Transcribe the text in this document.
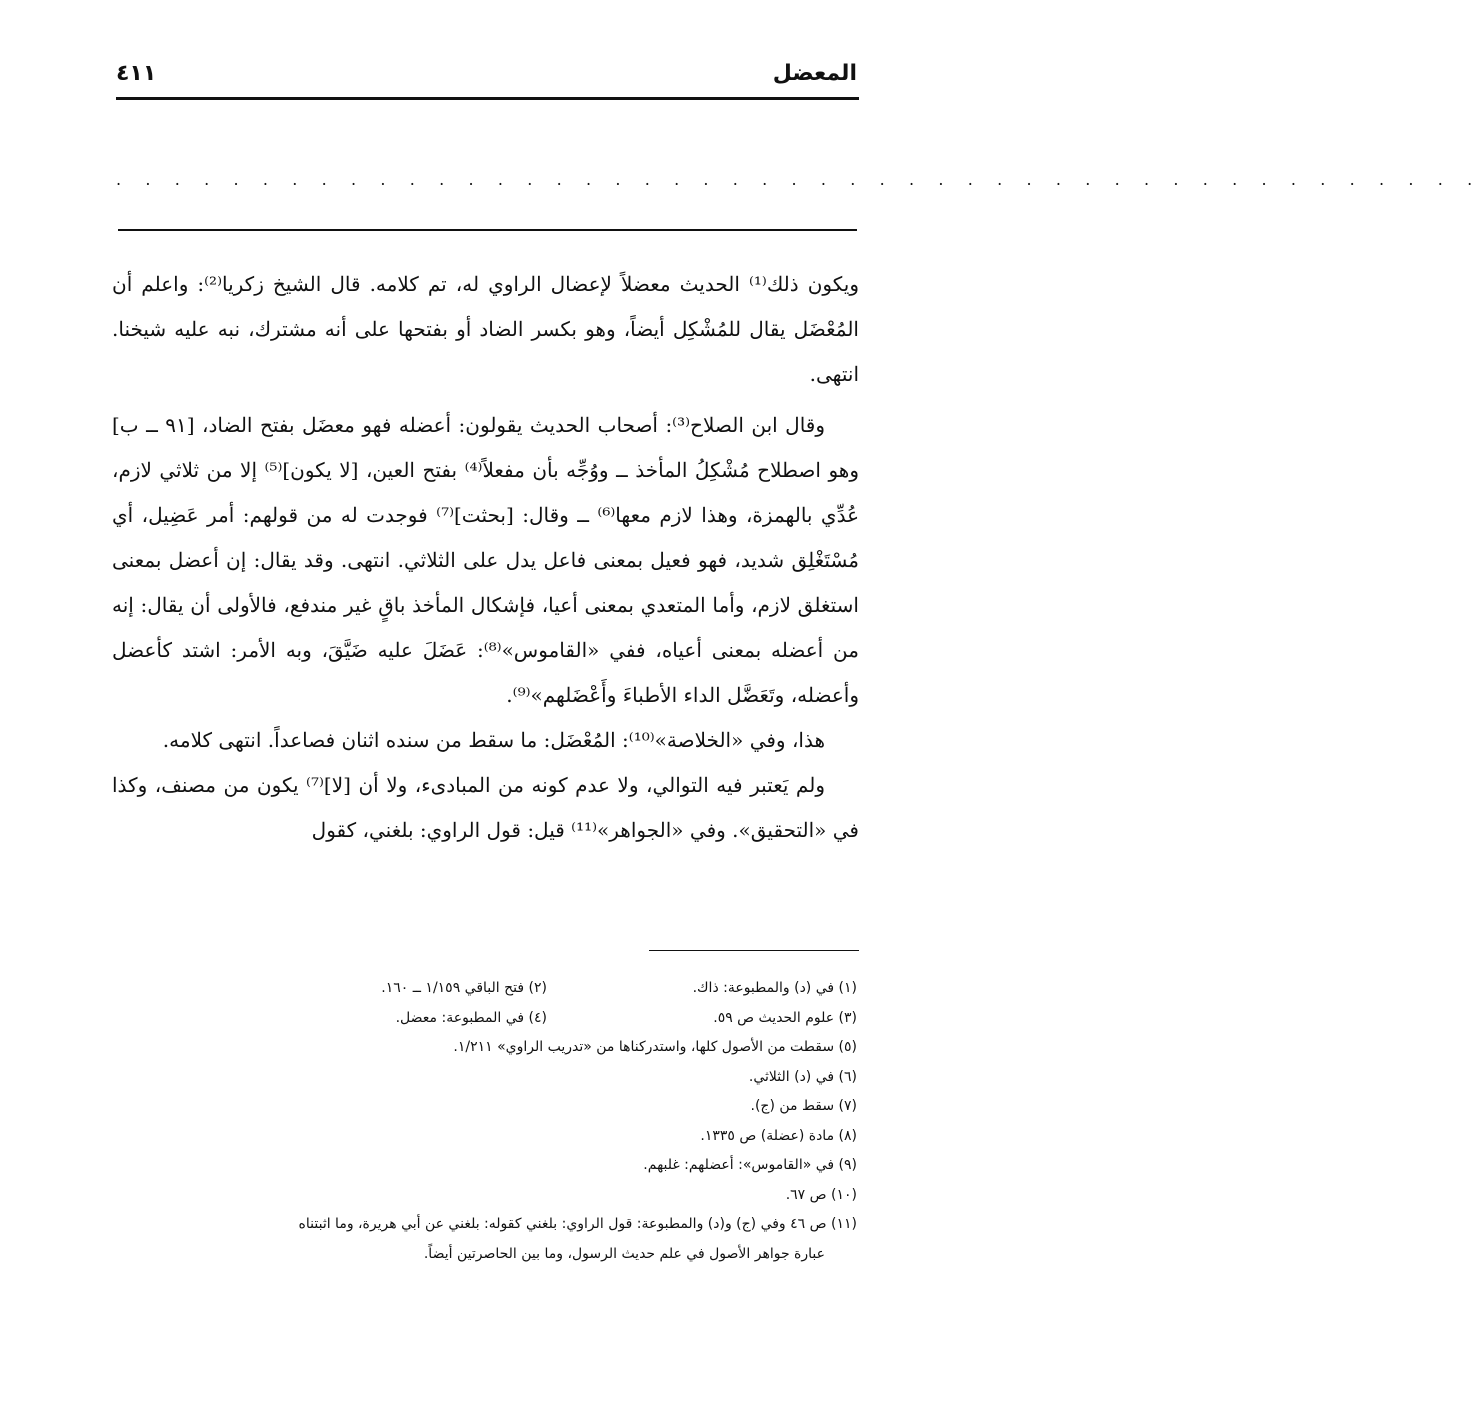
المعضل
٤١١
. . . . . . . . . . . . . . . . . . . . . . . . . . . . . . . . . . . . . . . . . . . . . . .

ويكون ذلك⁽¹⁾ الحديث معضلاً لإعضال الراوي له، تم كلامه. قال الشيخ زكريا⁽²⁾: واعلم أن المُعْضَل يقال للمُشْكِل أيضاً، وهو بكسر الضاد أو بفتحها على أنه مشترك، نبه عليه شيخنا. انتهى.

وقال ابن الصلاح⁽³⁾: أصحاب الحديث يقولون: أعضله فهو معضَل بفتح الضاد، [٩١ ــ ب] وهو اصطلاح مُشْكِلُ المأخذ ــ ووُجِّه بأن مفعلاً⁽⁴⁾ بفتح العين، [لا يكون]⁽⁵⁾ إلا من ثلاثي لازم، عُدِّي بالهمزة، وهذا لازم معها⁽⁶⁾ ــ وقال: [بحثت]⁽⁷⁾ فوجدت له من قولهم: أمر عَضِيل، أي مُسْتَغْلِق شديد، فهو فعيل بمعنى فاعل يدل على الثلاثي. انتهى. وقد يقال: إن أعضل بمعنى استغلق لازم، وأما المتعدي بمعنى أعيا، فإشكال المأخذ باقٍ غير مندفع، فالأولى أن يقال: إنه من أعضله بمعنى أعياه، ففي «القاموس»⁽⁸⁾: عَضَلَ عليه ضَيَّقَ، وبه الأمر: اشتد كأعضل وأعضله، وتَعَضَّل الداء الأطباءَ وأَعْضَلهم»⁽⁹⁾.

هذا، وفي «الخلاصة»⁽¹⁰⁾: المُعْضَل: ما سقط من سنده اثنان فصاعداً. انتهى كلامه.

ولم يَعتبر فيه التوالي، ولا عدم كونه من المبادىء، ولا أن [لا]⁽⁷⁾ يكون من مصنف، وكذا في «التحقيق». وفي «الجواهر»⁽¹¹⁾ قيل: قول الراوي: بلغني، كقول

(١) في (د) والمطبوعة: ذاك.
(٢) فتح الباقي ١/١٥٩ ــ ١٦٠.
(٣) علوم الحديث ص ٥٩.
(٤) في المطبوعة: معضل.
(٥) سقطت من الأصول كلها، واستدركناها من «تدريب الراوي» ١/٢١١.
(٦) في (د) الثلاثي.
(٧) سقط من (ج).
(٨) مادة (عضلة) ص ١٣٣٥.
(٩) في «القاموس»: أعضلهم: غلبهم.
(١٠) ص ٦٧.
(١١) ص ٤٦ وفي (ج) و(د) والمطبوعة: قول الراوي: بلغني كقوله: بلغني عن أبي هريرة، وما اثبتناه
عبارة جواهر الأصول في علم حديث الرسول، وما بين الحاصرتين أيضاً.
